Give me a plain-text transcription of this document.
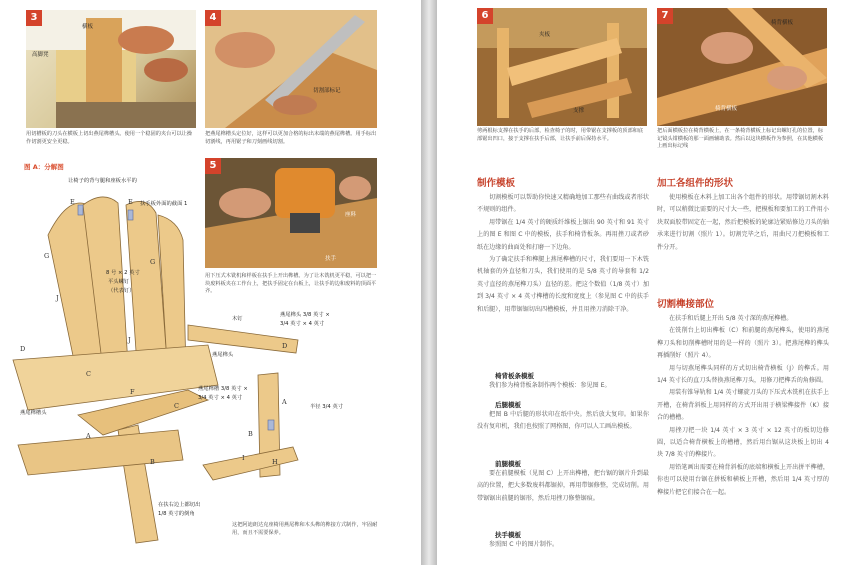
3
横板
高脚凳
4
切割部标记
用切槽板的刀头在横板上切出燕尾榫槽头。使用一个稳固的夹台可以让操作切割更安全更稳。
把燕尾榫槽头定位好，这样可以更加合格的标出末端的燕尾榫槽。用手标出切割线，再用锯子和刀刻画线切割。
图 A：分解图
让椅子的背与腿和座板水平的
扶手板外面的截面 1
8 号 × 2 英寸
平头螺钉
（代表钉）
木钉
燕尾榫头 3/8 英寸 ×
3/4 英寸 × 4 英寸
燕尾榫头
燕尾榫槽 3/8 英寸 ×
3/4 英寸 × 4 英寸
半径 3/4 英寸
燕尾榫槽头
在扶右边上都切出
1/8 英寸的倒角
E	E
G
G
J
J
D	D
F
C
C
A
A
B	I	H
B
5
座料
扶手
用下压式木铣机和样板在扶手上开出榫槽。为了让木铣机更平稳，可以把一块废料板夹在工作台上，把扶手固定在台板上，让扶手的边和废料的顶面平齐。
这把阿迪朗达克座椅用燕尾榫和木头榫的榫接方式制作，牢固耐用，而且不需要保养。
6
夹板
支撑
7
椅背横板
椅背横板
剪两根标支撑在扶手的后部，检查椅子的时，用带锯在支撑板的顶部和底部锯出凹口，接于支撑在扶手后部，让扶手前后保持水平。
把后面横板拉在椅背横板上，在一条椅背横板上标记出螺钉孔的位置，标记镜头钳横板的那一面画辅助表。然后以这块横板作为参照，在其他横板上画出标记线
制作模板

切割模板可以帮助你快速又精确地加工那些有曲线或者形状不规则的组件。

用带锯在 1/4 英寸的硬质纤维板上锯出 90 英寸和 91 英寸上的图 E 和图 C 中的模板，扶手和椅背板条。再用挫刀或者砂纸在边缘的曲面处和打磨一下边角。

为了确定扶手和榫腿上燕尾榫槽的尺寸，我们要用一下木铣机轴套的外直径和刀头，我们使用的是 5/8 英寸的导套和 1/2 英寸直径的燕尾榫刀头）直径的差。把这个数值（1/8 英寸）加到 3/4 英寸 × 4 英寸榫槽的长度和宽度上（参见图 C 中的扶手和后腿），用带锯锯切出四槽模板，并且用挫刀消除干净。

椅背板条模板

我们参为椅背板条制作两个模板：参见图 E。

后腿模板

把图 B 中后腿的形状印在纸中央。然后放大复印。如果你没有复印机，我们也按照了网格图，你可以人工画出模板。

前腿模板

要在前腿模板（见图 C）上开出榫槽，把台锯的锯片升到最高的位置，把大多数废料都锯掉，再用带锯修整，完成切削。用带锯锯出前腿的锯形，然后用挫刀修整锯痕。

扶手模板

参照图 C 中的图片制作。

加工各组件的形状

使用模板在木料上加工出各个组件的形状。用带锯切割木料时，可以稍微比需要的尺寸大一些，把模板和要加工的工件用小块双面胶带固定在一起，然后把模板的轮廓边紧贴修边刀头的轴承来进行切割（照片 1）。切割完毕之后，用曲尺刀把模板和工件分开。

切割榫接部位

在扶手和后腿上开出 5/8 英寸深的燕尾榫槽。

在铣削台上切出榫板（C）和前腿的燕尾榫头，使用的燕尾榫刀头和切削榫槽时用的是一样的（照片 3）。把燕尾榫的榫头再插削好（照片 4）。

用与切燕尾榫头同样的方式切出椅背横板（J）的榫舌。用 1/4 英寸长的直刀头替换燕尾榫刀头，用修刀把榫舌的角修圆。

用装有锥导轨和 1/4 英寸螺旋刀头的下压式木铣机在扶手上开槽，在椅背斜板上用同样的方式开出用于横梁榫接件（K）接合的槽槽。

用挫刀把一块 1/4 英寸 × 3 英寸 × 12 英寸的板切边修圆，以适合椅背横板上的槽槽，然后用台锯从这块板上切出 4 块 7/8 英寸的榫接片。

用铅笔画出需要在椅背斜板的底端和横板上开出拼平榫槽，你也可以使用台锯在拼板和横板上开槽，然后用 1/4 英寸厚的榫接片把它们接合在一起。
